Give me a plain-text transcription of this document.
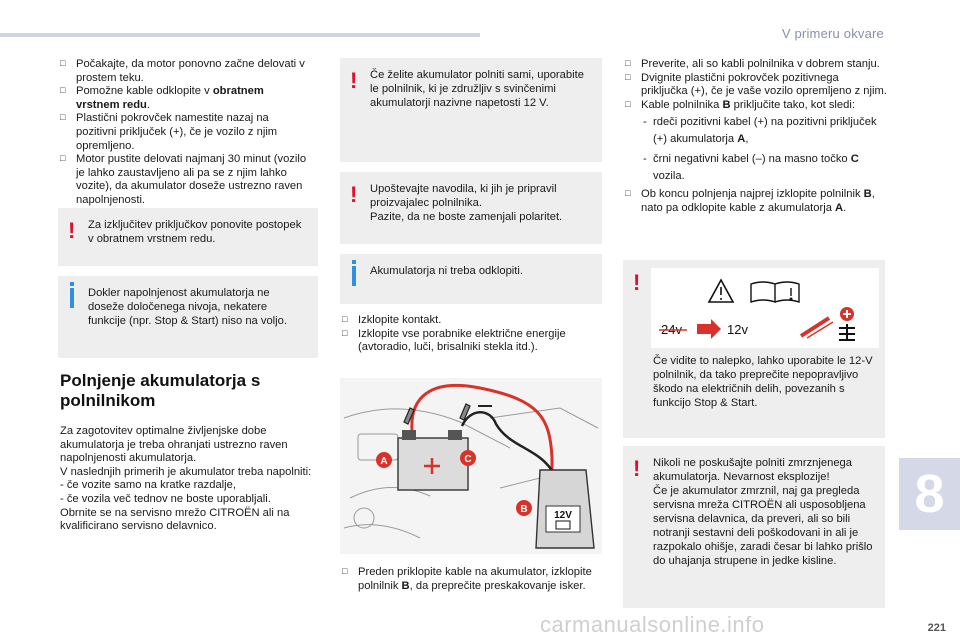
V primeru okvare

□ Počakajte, da motor ponovno začne delovati v prostem teku.

□ Pomožne kable odklopite v obratnem vrstnem redu.

□ Plastični pokrovček namestite nazaj na pozitivni priključek (+), če je vozilo z njim opremljeno.

□ Motor pustite delovati najmanj 30 minut (vozilo je lahko zaustavljeno ali pa se z njim lahko vozite), da akumulator doseže ustrezno raven napolnjenosti.

! Za izključitev priključkov ponovite postopek v obratnem vrstnem redu.
Dokler napolnjenost akumulatorja ne doseže določenega nivoja, nekatere funkcije (npr. Stop & Start) niso na voljo.
Polnjenje akumulatorja s polnilnikom
Za zagotovitev optimalne življenjske dobe akumulatorja je treba ohranjati ustrezno raven napolnjenosti akumulatorja.
V naslednjih primerih je akumulator treba napolniti:
- če vozite samo na kratke razdalje,
- če vozila več tednov ne boste uporabljali.
Obrnite se na servisno mrežo CITROËN ali na kvalificirano servisno delavnico.
! Če želite akumulator polniti sami, uporabite le polnilnik, ki je združljiv s svinčenimi akumulatorji nazivne napetosti 12 V.
! Upoštevajte navodila, ki jih je pripravil proizvajalec polnilnika.
Pazite, da ne boste zamenjali polaritet.
Akumulatorja ni treba odklopiti.

□ Izklopite kontakt.

□ Izklopite vse porabnike električne energije (avtoradio, luči, brisalniki stekla itd.).

12V
A	C
B

□ Preden priklopite kable na akumulator, izklopite polnilnik B, da preprečite preskakovanje isker.

□ Preverite, ali so kabli polnilnika v dobrem stanju.

□ Dvignite plastični pokrovček pozitivnega priključka (+), če je vaše vozilo opremljeno z njim.

□ Kable polnilnika B priključite tako, kot sledi:

- rdeči pozitivni kabel (+) na pozitivni priključek (+) akumulatorja A,

- črni negativni kabel (–) na masno točko C vozila.

□ Ob koncu polnjenja najprej izklopite polnilnik B, nato pa odklopite kable z akumulatorja A.

!
24v	12v
Če vidite to nalepko, lahko uporabite le 12-V polnilnik, da tako preprečite nepopravljivo škodo na električnih delih, povezanih s funkcijo Stop & Start.
! Nikoli ne poskušajte polniti zmrznjenega akumulatorja. Nevarnost eksplozije!
Če je akumulator zmrznil, naj ga pregleda servisna mreža CITROËN ali usposobljena servisna delavnica, da preveri, ali so bili notranji sestavni deli poškodovani in ali je razpokalo ohišje, zaradi česar bi lahko prišlo do uhajanja strupene in jedke kisline.
8
221
carmanualsonline.info
